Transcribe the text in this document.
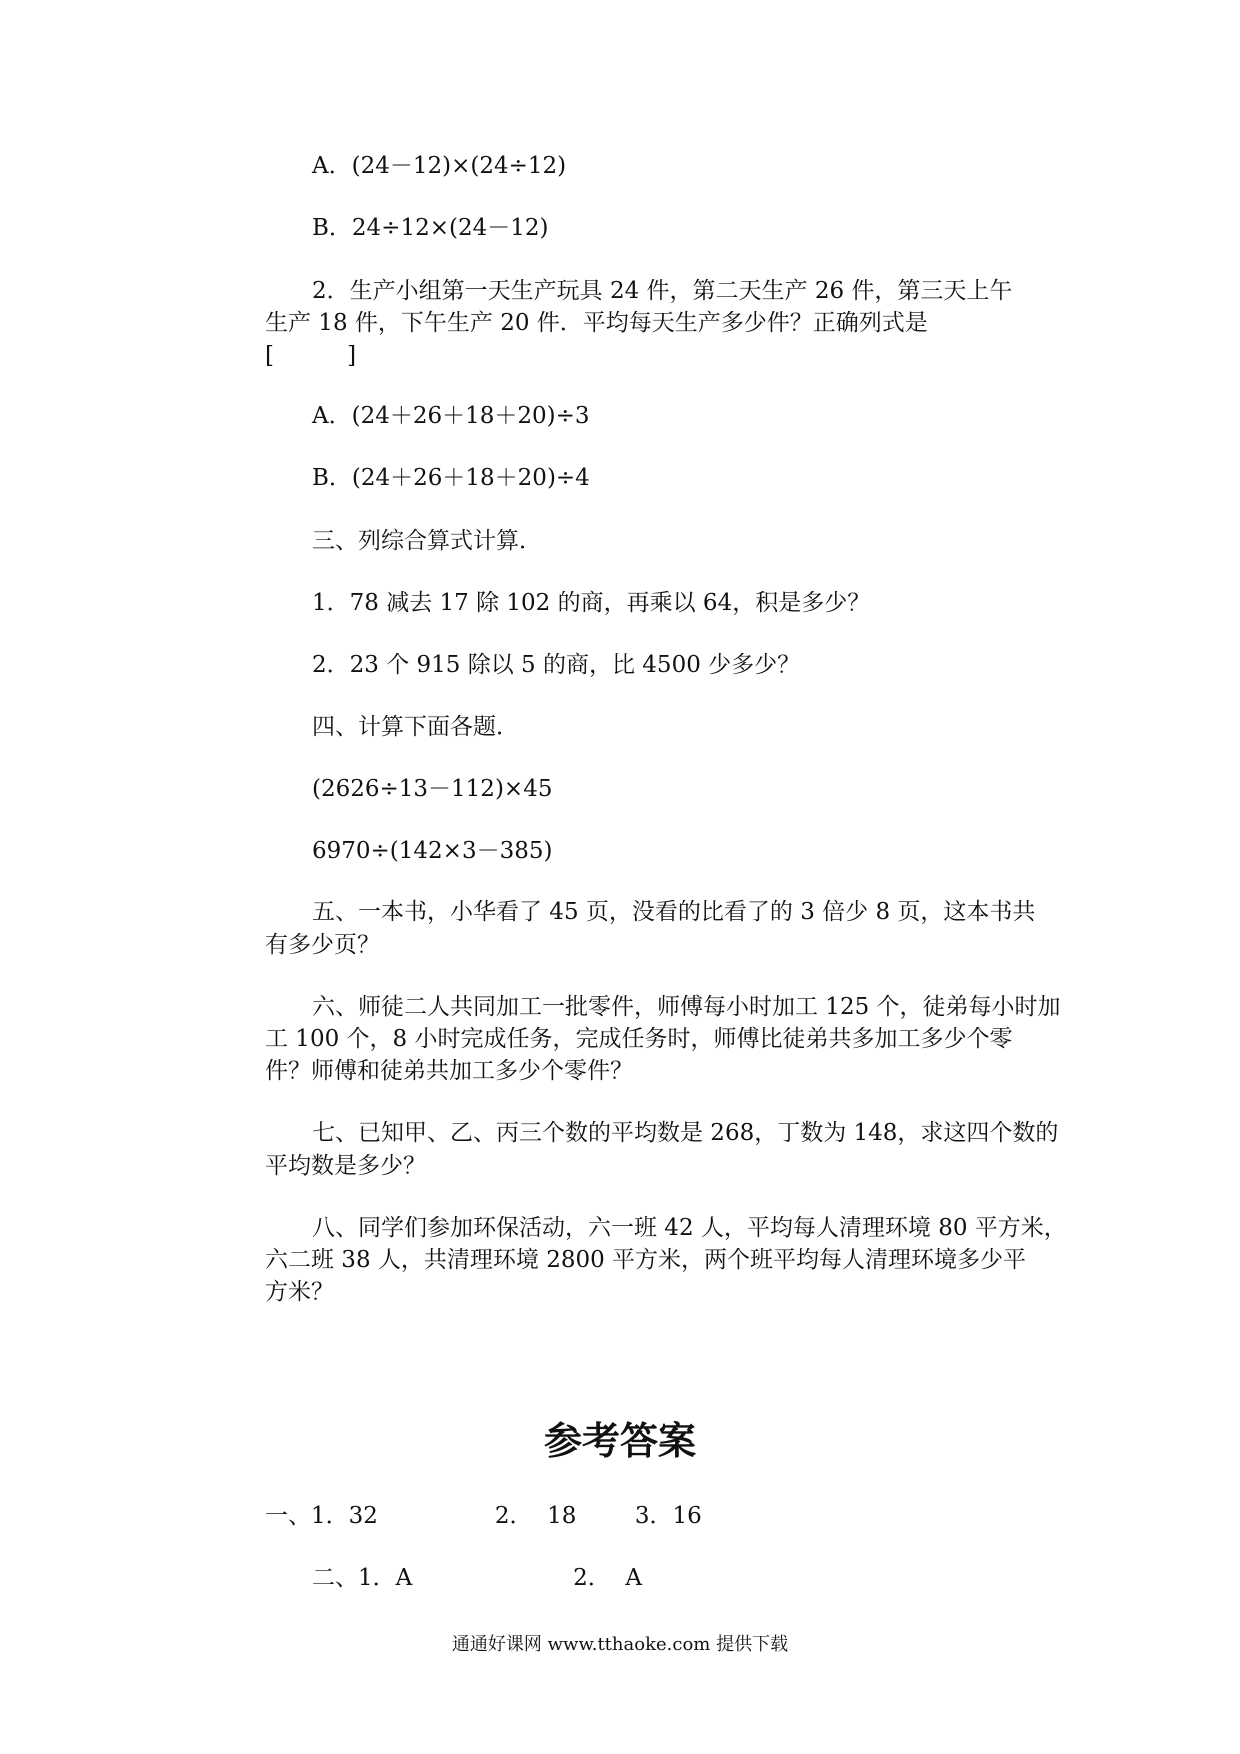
A．(24－12)×(24÷12)

B．24÷12×(24－12)

2．生产小组第一天生产玩具 24 件，第二天生产 26 件，第三天上午

生产 18 件，下午生产 20 件．平均每天生产多少件？正确列式是

[          ]

A．(24＋26＋18＋20)÷3

B．(24＋26＋18＋20)÷4

三、列综合算式计算．

1．78 减去 17 除 102 的商，再乘以 64，积是多少？

2．23 个 915 除以 5 的商，比 4500 少多少？

四、计算下面各题．

(2626÷13－112)×45

6970÷(142×3－385)

五、一本书，小华看了 45 页，没看的比看了的 3 倍少 8 页，这本书共

有多少页？

六、师徒二人共同加工一批零件，师傅每小时加工 125 个，徒弟每小时加

工 100 个，8 小时完成任务，完成任务时，师傅比徒弟共多加工多少个零

件？师傅和徒弟共加工多少个零件？

七、已知甲、乙、丙三个数的平均数是 268，丁数为 148，求这四个数的

平均数是多少？

八、同学们参加环保活动，六一班 42 人，平均每人清理环境 80 平方米，

六二班 38 人，共清理环境 2800 平方米，两个班平均每人清理环境多少平

方米？

参考答案

一、1．32                2．  18        3．16

二、1．A                      2．  A

通通好课网 www.tthaoke.com 提供下载
